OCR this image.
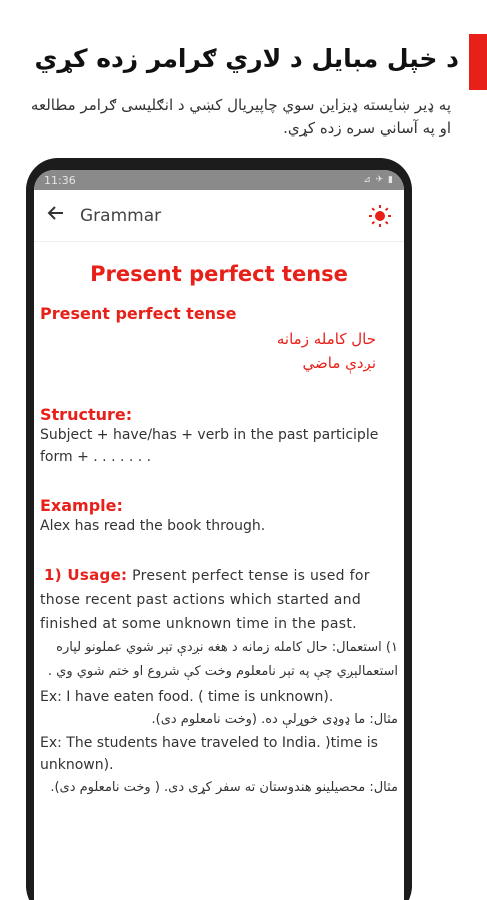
د خپل مبایل د لاري ګرامر زده کړي
په ډیر ښایسته ډیزاین سوي چاپیریال کښي د انګلیسی ګرامر مطالعه او په آساني سره زده کړي.
11:36	⊿ ✈ ▮
Grammar
Present perfect tense
Present perfect tense
حال کامله زمانه
نږدې ماضي
Structure:
Subject + have/has + verb in the past participle form + . . . . . . .
Example:
Alex has read the book through.
1) Usage: Present perfect tense is used for those recent past actions which started and finished at some unknown time in the past.
۱) استعمال: حال کامله زمانه د هغه نږدې تېر شوي عملونو لپاره استعمالېږي چې په تېر نامعلوم وخت کې شروع او ختم شوي وي .
Ex: I have eaten food. ( time is unknown).
مثال: ما ډوډی خوړلې ده. (وخت نامعلوم دی).
Ex: The students have traveled to India. )time is unknown).
مثال: محصیلینو هندوستان ته سفر کړی دی. ( وخت نامعلوم دی).
